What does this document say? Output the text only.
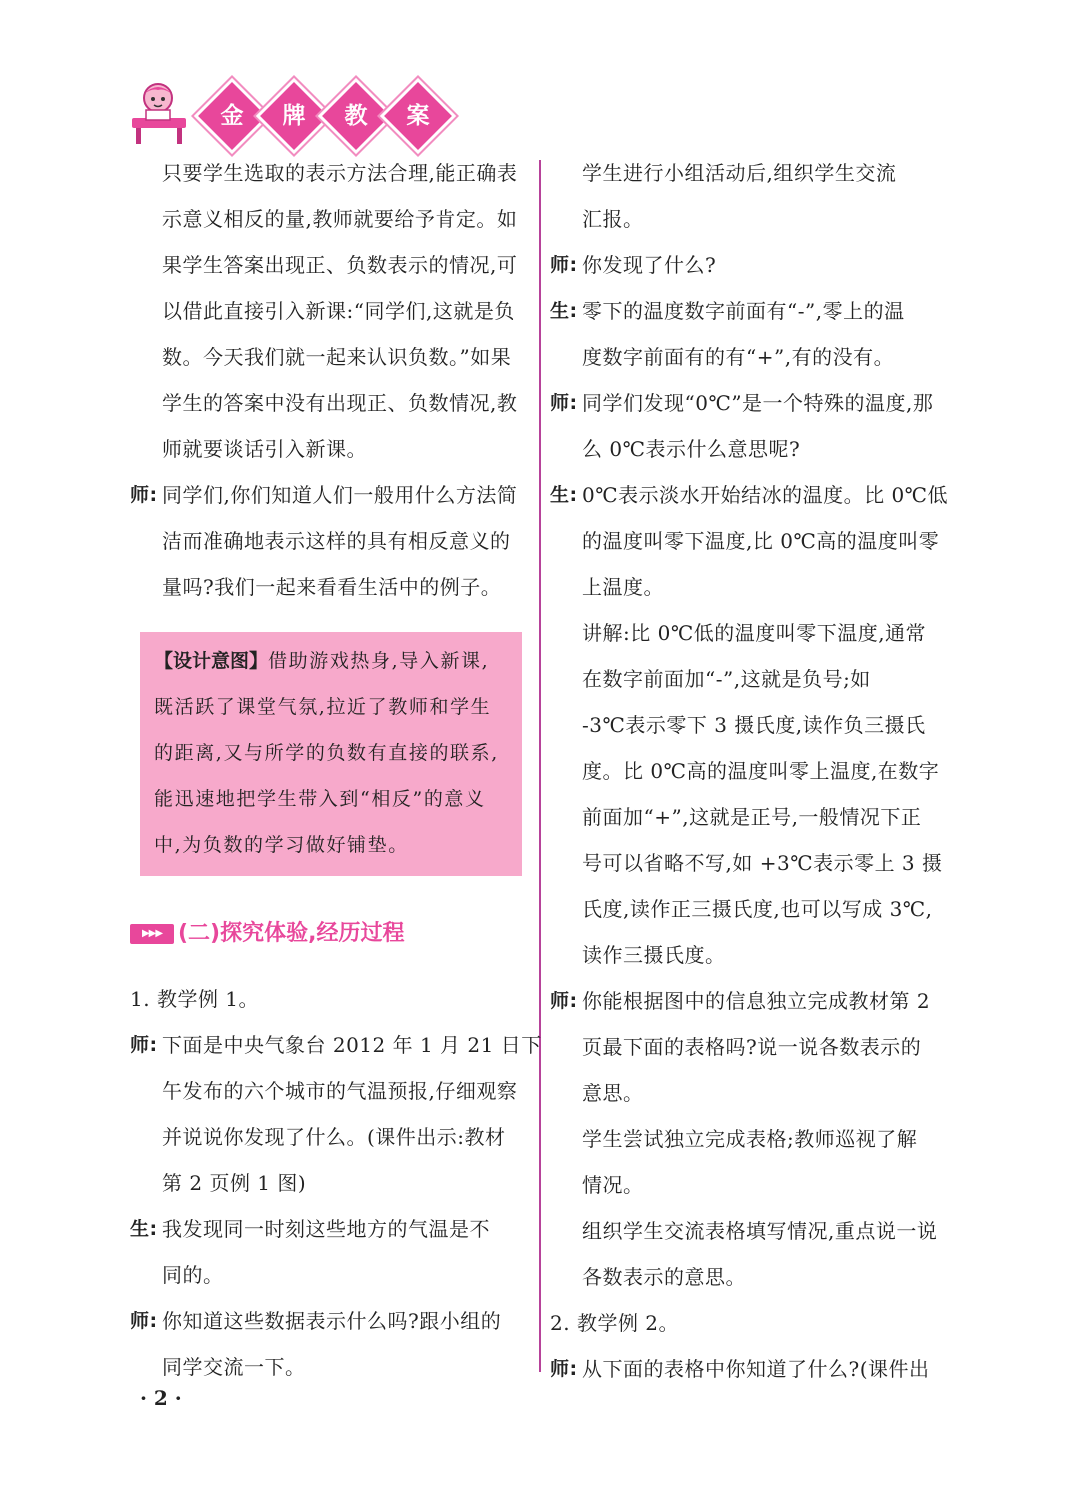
金	牌	教	案
只要学生选取的表示方法合理,能正确表
示意义相反的量,教师就要给予肯定。如
果学生答案出现正、负数表示的情况,可
以借此直接引入新课:“同学们,这就是负
数。今天我们就一起来认识负数。”如果
学生的答案中没有出现正、负数情况,教
师就要谈话引入新课。
师: 同学们,你们知道人们一般用什么方法简
洁而准确地表示这样的具有相反意义的
量吗?我们一起来看看生活中的例子。
【设计意图】借助游戏热身,导入新课,
既活跃了课堂气氛,拉近了教师和学生
的距离,又与所学的负数有直接的联系,
能迅速地把学生带入到“相反”的意义
中,为负数的学习做好铺垫。
▶▶▶ (二)探究体验,经历过程
1. 教学例 1。
师: 下面是中央气象台 2012 年 1 月 21 日下
午发布的六个城市的气温预报,仔细观察
并说说你发现了什么。(课件出示:教材
第 2 页例 1 图)
生: 我发现同一时刻这些地方的气温是不
同的。
师: 你知道这些数据表示什么吗?跟小组的
同学交流一下。
学生进行小组活动后,组织学生交流
汇报。
师: 你发现了什么?
生: 零下的温度数字前面有“-”,零上的温
度数字前面有的有“+”,有的没有。
师: 同学们发现“0℃”是一个特殊的温度,那
么 0℃表示什么意思呢?
生: 0℃表示淡水开始结冰的温度。比 0℃低
的温度叫零下温度,比 0℃高的温度叫零
上温度。
讲解:比 0℃低的温度叫零下温度,通常
在数字前面加“-”,这就是负号;如
-3℃表示零下 3 摄氏度,读作负三摄氏
度。比 0℃高的温度叫零上温度,在数字
前面加“+”,这就是正号,一般情况下正
号可以省略不写,如 +3℃表示零上 3 摄
氏度,读作正三摄氏度,也可以写成 3℃,
读作三摄氏度。
师: 你能根据图中的信息独立完成教材第 2
页最下面的表格吗?说一说各数表示的
意思。
学生尝试独立完成表格;教师巡视了解
情况。
组织学生交流表格填写情况,重点说一说
各数表示的意思。
2. 教学例 2。
师: 从下面的表格中你知道了什么?(课件出
· 2 ·
